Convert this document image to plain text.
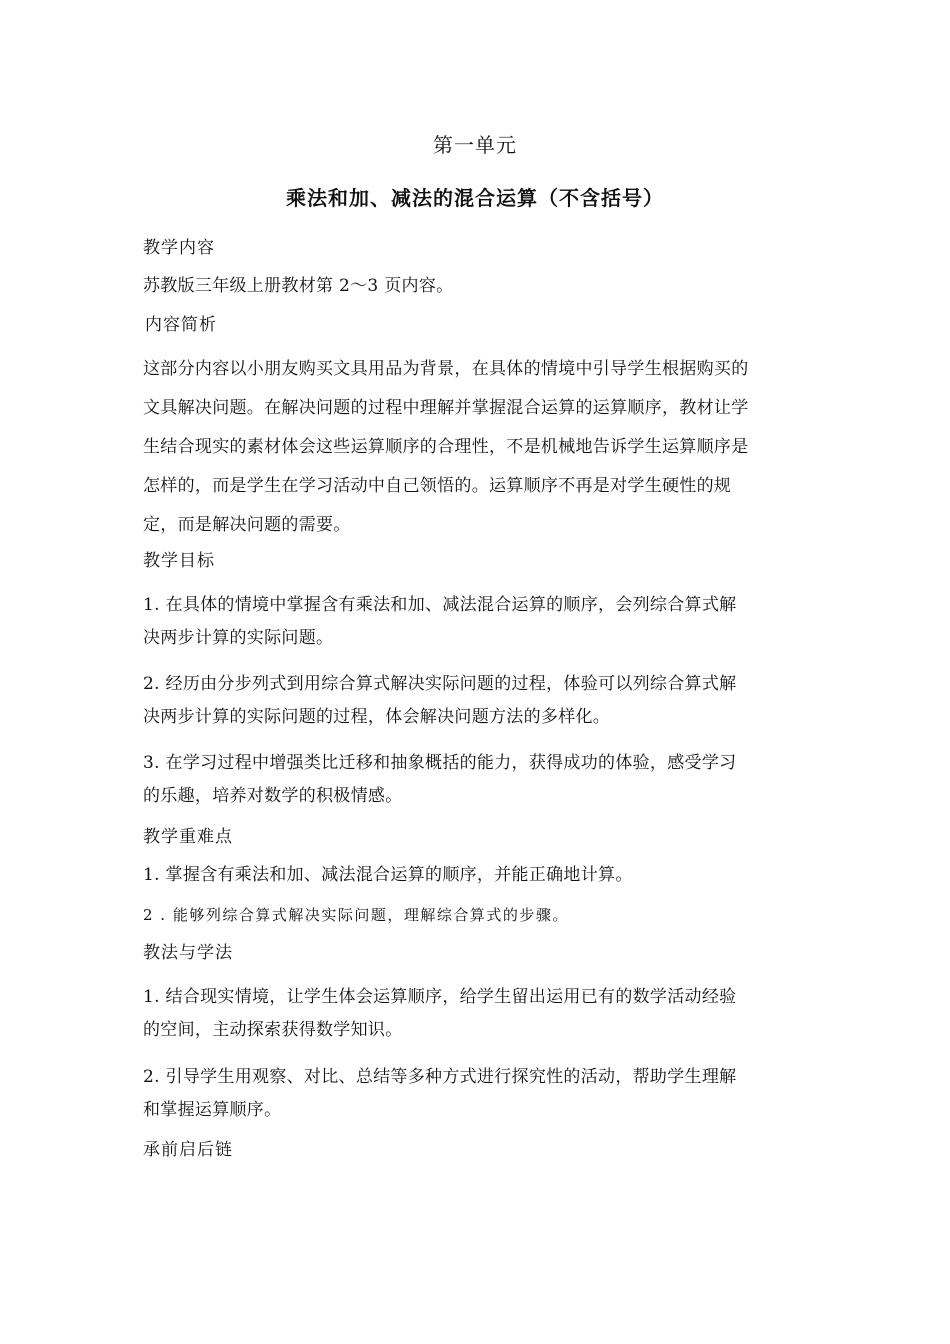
第一单元
乘法和加、减法的混合运算（不含括号）
教学内容
苏教版三年级上册教材第 2～3 页内容。
内容简析
这部分内容以小朋友购买文具用品为背景，在具体的情境中引导学生根据购买的
文具解决问题。在解决问题的过程中理解并掌握混合运算的运算顺序，教材让学
生结合现实的素材体会这些运算顺序的合理性，不是机械地告诉学生运算顺序是
怎样的，而是学生在学习活动中自己领悟的。运算顺序不再是对学生硬性的规
定，而是解决问题的需要。
教学目标
1. 在具体的情境中掌握含有乘法和加、减法混合运算的顺序，会列综合算式解
决两步计算的实际问题。
2. 经历由分步列式到用综合算式解决实际问题的过程，体验可以列综合算式解
决两步计算的实际问题的过程，体会解决问题方法的多样化。
3. 在学习过程中增强类比迁移和抽象概括的能力，获得成功的体验，感受学习
的乐趣，培养对数学的积极情感。
教学重难点
1. 掌握含有乘法和加、减法混合运算的顺序，并能正确地计算。
2 . 能够列综合算式解决实际问题，理解综合算式的步骤。
教法与学法
1. 结合现实情境，让学生体会运算顺序，给学生留出运用已有的数学活动经验
的空间，主动探索获得数学知识。
2. 引导学生用观察、对比、总结等多种方式进行探究性的活动，帮助学生理解
和掌握运算顺序。
承前启后链
